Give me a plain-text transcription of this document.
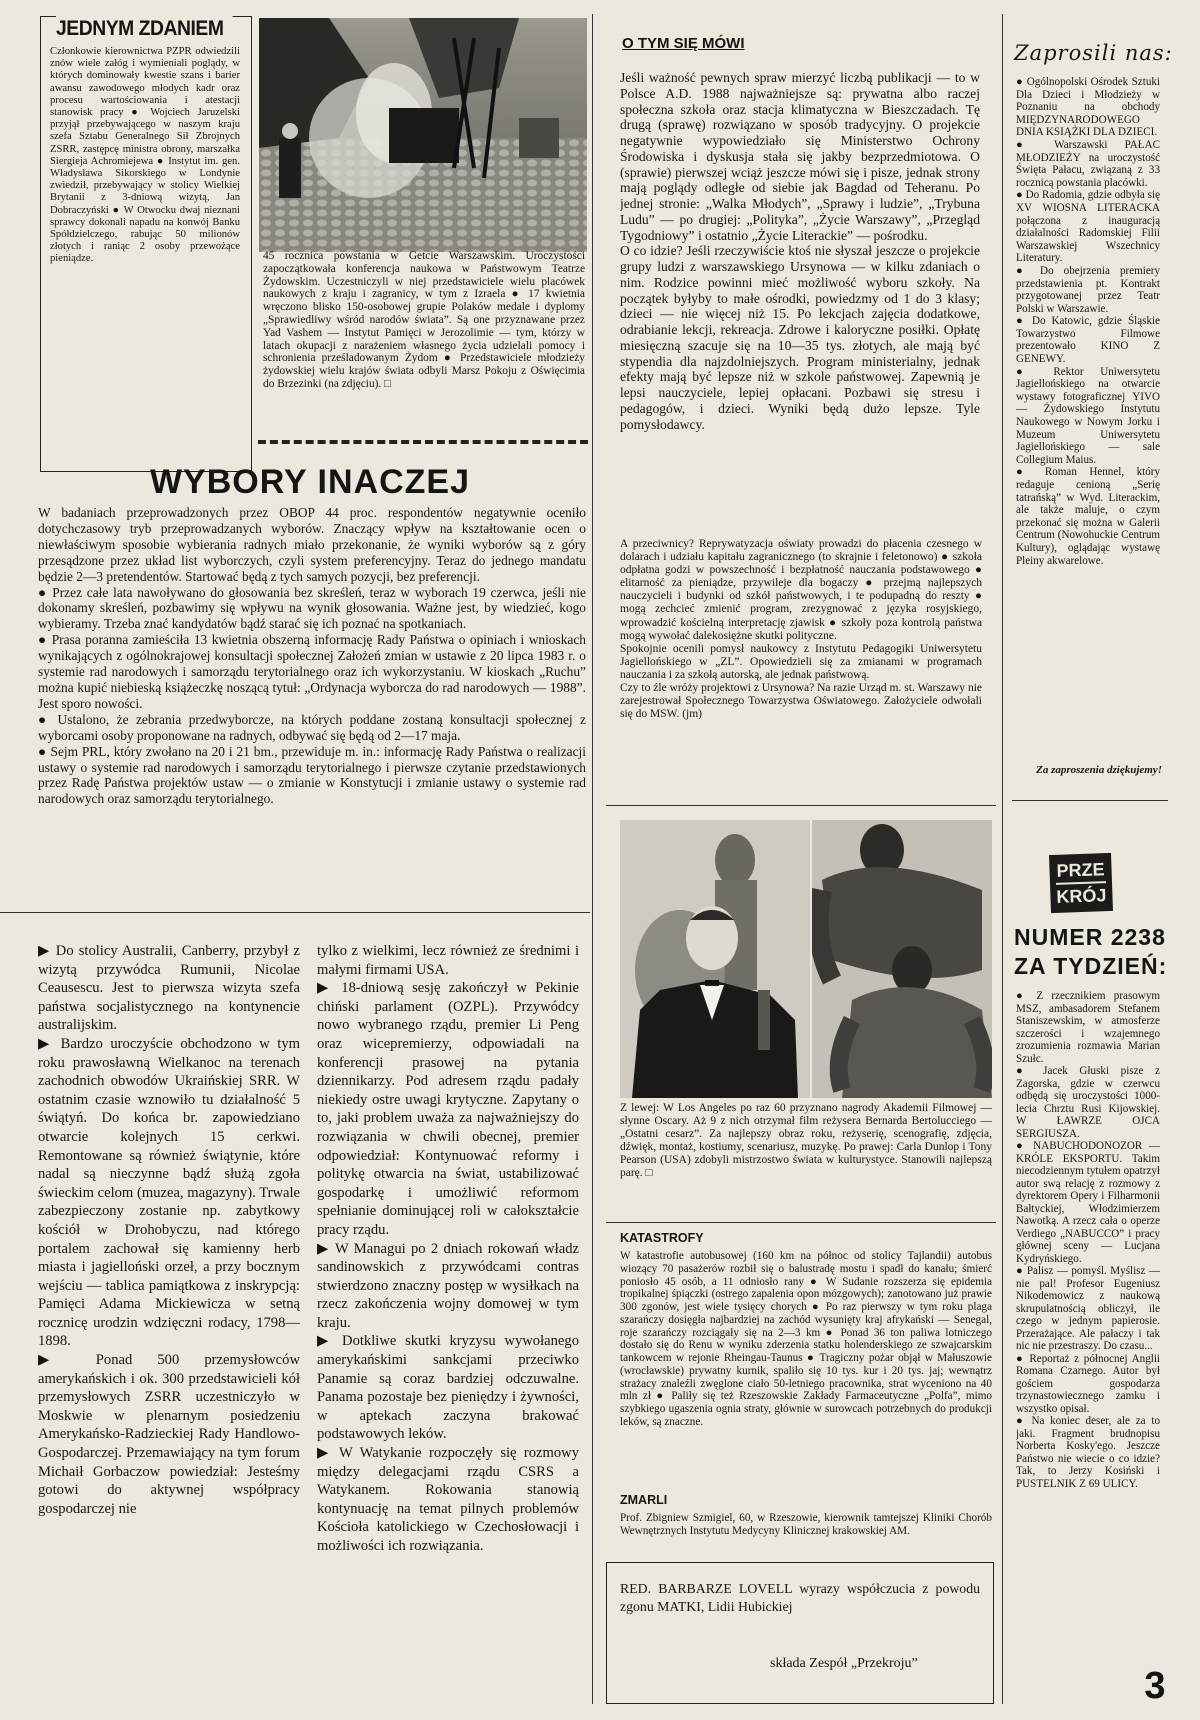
JEDNYM ZDANIEM
Członkowie kierownictwa PZPR odwiedzili znów wiele załóg i wymieniali poglądy, w których dominowały kwestie szans i barier awansu zawodowego młodych kadr oraz procesu wartościowania i atestacji stanowisk pracy ● Wojciech Jaruzelski przyjął przebywającego w naszym kraju szefa Sztabu Generalnego Sił Zbrojnych ZSRR, zastępcę ministra obrony, marszałka Siergieja Achromiejewa ● Instytut im. gen. Władysława Sikorskiego w Londynie zwiedził, przebywający w stolicy Wielkiej Brytanii z 3-dniową wizytą, Jan Dobraczyński ● W Otwocku dwaj nieznani sprawcy dokonali napadu na konwój Banku Spółdzielczego, rabując 50 milionów złotych i raniąc 2 osoby przewożące pieniądze.	45 rocznica powstania w Getcie Warszawskim. Uroczystości zapoczątkowała konferencja naukowa w Państwowym Teatrze Żydowskim. Uczestniczyli w niej przedstawiciele wielu placówek naukowych z kraju i zagranicy, w tym z Izraela ● 17 kwietnia wręczono blisko 150-osobowej grupie Polaków medale i dyplomy „Sprawiedliwy wśród narodów świata”. Są one przyznawane przez Yad Vashem — Instytut Pamięci w Jerozolimie — tym, którzy w latach okupacji z narażeniem własnego życia udzielali pomocy i schronienia prześladowanym Żydom ● Przedstawiciele młodzieży żydowskiej wielu krajów świata odbyli Marsz Pokoju z Oświęcimia do Brzezinki (na zdjęciu). □
WYBORY INACZEJ
W badaniach przeprowadzonych przez OBOP 44 proc. respondentów negatywnie oceniło dotychczasowy tryb przeprowadzanych wyborów. Znaczący wpływ na kształtowanie ocen o niewłaściwym sposobie wybierania radnych miało przekonanie, że wyniki wyborów są z góry przesądzone przez układ list wyborczych, czyli system preferencyjny. Teraz do jednego mandatu będzie 2—3 pretendentów. Startować będą z tych samych pozycji, bez preferencji.
● Przez całe lata nawoływano do głosowania bez skreśleń, teraz w wyborach 19 czerwca, jeśli nie dokonamy skreśleń, pozbawimy się wpływu na wynik głosowania. Ważne jest, by wiedzieć, kogo wybieramy. Trzeba znać kandydatów bądź starać się ich poznać na spotkaniach.
● Prasa poranna zamieściła 13 kwietnia obszerną informację Rady Państwa o opiniach i wnioskach wynikających z ogólnokrajowej konsultacji społecznej Założeń zmian w ustawie z 20 lipca 1983 r. o systemie rad narodowych i samorządu terytorialnego oraz ich wykorzystaniu. W kioskach „Ruchu” można kupić niebieską książeczkę noszącą tytuł: „Ordynacja wyborcza do rad narodowych — 1988”. Jest sporo nowości.
● Ustalono, że zebrania przedwyborcze, na których poddane zostaną konsultacji społecznej z wyborcami osoby proponowane na radnych, odbywać się będą od 2—17 maja.
● Sejm PRL, który zwołano na 20 i 21 bm., przewiduje m. in.: informację Rady Państwa o realizacji ustawy o systemie rad narodowych i samorządu terytorialnego i pierwsze czytanie przedstawionych przez Radę Państwa projektów ustaw — o zmianie w Konstytucji i zmianie ustawy o systemie rad narodowych oraz samorządu terytorialnego.
▶ Do stolicy Australii, Canberry, przybył z wizytą przywódca Rumunii, Nicolae Ceausescu. Jest to pierwsza wizyta szefa państwa socjalistycznego na kontynencie australijskim.
▶ Bardzo uroczyście obchodzono w tym roku prawosławną Wielkanoc na terenach zachodnich obwodów Ukraińskiej SRR. W ostatnim czasie wznowiło tu działalność 5 świątyń. Do końca br. zapowiedziano otwarcie kolejnych 15 cerkwi. Remontowane są również świątynie, które nadal są nieczynne bądź służą zgoła świeckim celom (muzea, magazyny). Trwale zabezpieczony zostanie np. zabytkowy kościół w Drohobyczu, nad którego portalem zachował się kamienny herb miasta i jagielloński orzeł, a przy bocznym wejściu — tablica pamiątkowa z inskrypcją: Pamięci Adama Mickiewicza w setną rocznicę urodzin wdzięczni rodacy, 1798—1898.
▶ Ponad 500 przemysłowców amerykańskich i ok. 300 przedstawicieli kół przemysłowych ZSRR uczestniczyło w Moskwie w plenarnym posiedzeniu Amerykańsko-Radzieckiej Rady Handlowo-Gospodarczej. Przemawiający na tym forum Michaił Gorbaczow powiedział: Jesteśmy gotowi do aktywnej współpracy gospodarczej nie
tylko z wielkimi, lecz również ze średnimi i małymi firmami USA.
▶ 18-dniową sesję zakończył w Pekinie chiński parlament (OZPL). Przywódcy nowo wybranego rządu, premier Li Peng oraz wicepremierzy, odpowiadali na konferencji prasowej na pytania dziennikarzy. Pod adresem rządu padały niekiedy ostre uwagi krytyczne. Zapytany o to, jaki problem uważa za najważniejszy do rozwiązania w chwili obecnej, premier odpowiedział: Kontynuować reformy i politykę otwarcia na świat, ustabilizować gospodarkę i umożliwić reformom spełnianie dominującej roli w całokształcie pracy rządu.
▶ W Managui po 2 dniach rokowań władz sandinowskich z przywódcami contras stwierdzono znaczny postęp w wysiłkach na rzecz zakończenia wojny domowej w tym kraju.
▶ Dotkliwe skutki kryzysu wywołanego amerykańskimi sankcjami przeciwko Panamie są coraz bardziej odczuwalne. Panama pozostaje bez pieniędzy i żywności, w aptekach zaczyna brakować podstawowych leków.
▶ W Watykanie rozpoczęły się rozmowy między delegacjami rządu CSRS a Watykanem. Rokowania stanowią kontynuację na temat pilnych problemów Kościoła katolickiego w Czechosłowacji i możliwości ich rozwiązania.
O TYM SIĘ MÓWI
Jeśli ważność pewnych spraw mierzyć liczbą publikacji — to w Polsce A.D. 1988 najważniejsze są: prywatna albo raczej społeczna szkoła oraz stacja klimatyczna w Bieszczadach. Tę drugą (sprawę) rozwiązano w sposób tradycyjny. O projekcie negatywnie wypowiedziało się Ministerstwo Ochrony Środowiska i dyskusja stała się jakby bezprzedmiotowa. O (sprawie) pierwszej wciąż jeszcze mówi się i pisze, jednak strony mają poglądy odległe od siebie jak Bagdad od Teheranu. Po jednej stronie: „Walka Młodych”, „Sprawy i ludzie”, „Trybuna Ludu” — po drugiej: „Polityka”, „Życie Warszawy”, „Przegląd Tygodniowy” i ostatnio „Życie Literackie” — pośrodku.
O co idzie? Jeśli rzeczywiście ktoś nie słyszał jeszcze o projekcie grupy ludzi z warszawskiego Ursynowa — w kilku zdaniach o nim. Rodzice powinni mieć możliwość wyboru szkoły. Na początek byłyby to małe ośrodki, powiedzmy od 1 do 3 klasy; dzieci — nie więcej niż 15. Po lekcjach zajęcia dodatkowe, odrabianie lekcji, rekreacja. Zdrowe i kaloryczne posiłki. Opłatę miesięczną szacuje się na 10—35 tys. złotych, ale mają być stypendia dla najzdolniejszych. Program ministerialny, jednak efekty mają być lepsze niż w szkole państwowej. Zapewnią je lepsi nauczyciele, lepiej opłacani. Pozbawi się stresu i pedagogów, i dzieci. Wyniki będą dużo lepsze. Tyle pomysłodawcy.
A przeciwnicy? Reprywatyzacja oświaty prowadzi do płacenia czesnego w dolarach i udziału kapitału zagranicznego (to skrajnie i feletonowo) ● szkoła odpłatna godzi w powszechność i bezpłatność nauczania podstawowego ● elitarność za pieniądze, przywileje dla bogaczy ● przejmą najlepszych nauczycieli i budynki od szkół państwowych, i te podupadną do reszty ● mogą zechcieć zmienić program, zrezygnować z języka rosyjskiego, wprowadzić kościelną interpretację zjawisk ● szkoły poza kontrolą państwa mogą wywołać dalekosiężne skutki polityczne.
Spokojnie ocenili pomysł naukowcy z Instytutu Pedagogiki Uniwersytetu Jagiellońskiego w „ZL”. Opowiedzieli się za zmianami w programach nauczania i za szkołą autorską, ale jednak państwową.
Czy to źle wróży projektowi z Ursynowa? Na razie Urząd m. st. Warszawy nie zarejestrował Społecznego Towarzystwa Oświatowego. Założyciele odwołali się do MSW. (jm)
Z lewej: W Los Angeles po raz 60 przyznano nagrody Akademii Filmowej — słynne Oscary. Aż 9 z nich otrzymał film reżysera Bernarda Bertolucciego — „Ostatni cesarz”. Za najlepszy obraz roku, reżyserię, scenografię, zdjęcia, dźwięk, montaż, kostiumy, scenariusz, muzykę. Po prawej: Carla Dunlop i Tony Pearson (USA) zdobyli mistrzostwo świata w kulturystyce. Stanowili najlepszą parę. □
KATASTROFY
W katastrofie autobusowej (160 km na północ od stolicy Tajlandii) autobus wiozący 70 pasażerów rozbił się o balustradę mostu i spadł do kanału; śmierć poniosło 45 osób, a 11 odniosło rany ● W Sudanie rozszerza się epidemia tropikalnej śpiączki (ostrego zapalenia opon mózgowych); zanotowano już prawie 300 zgonów, jest wiele tysięcy chorych ● Po raz pierwszy w tym roku plaga szarańczy dosięgła najbardziej na zachód wysunięty kraj afrykański — Senegal, roje szarańczy rozciągały się na 2—3 km ● Ponad 36 ton paliwa lotniczego dostało się do Renu w wyniku zderzenia statku holenderskiego ze szwajcarskim tankowcem w rejonie Rheingau-Taunus ● Tragiczny pożar objął w Małuszowie (wrocławskie) prywatny kurnik, spaliło się 10 tys. kur i 20 tys. jaj; wewnątrz strażacy znaleźli zwęglone ciało 50-letniego pracownika, strat wyceniono na 40 mln zł ● Paliły się też Rzeszowskie Zakłady Farmaceutyczne „Polfa”, mimo szybkiego ugaszenia ognia straty, głównie w surowcach potrzebnych do produkcji leków, są znaczne.
ZMARLI
Prof. Zbigniew Szmigiel, 60, w Rzeszowie, kierownik tamtejszej Kliniki Chorób Wewnętrznych Instytutu Medycyny Klinicznej krakowskiej AM.
RED. BARBARZE LOVELL wyrazy współczucia z powodu zgonu MATKI, Lidii Hubickiej
składa Zespół „Przekroju”
Zaprosili nas:
● Ogólnopolski Ośrodek Sztuki Dla Dzieci i Młodzieży w Poznaniu na obchody MIĘDZYNARODOWEGO DNIA KSIĄŻKI DLA DZIECI.
● Warszawski PAŁAC MŁODZIEŻY na uroczystość Święta Pałacu, związaną z 33 rocznicą powstania placówki.
● Do Radomia, gdzie odbyła się XV WIOSNA LITERACKA połączona z inauguracją działalności Radomskiej Filii Warszawskiej Wszechnicy Literatury.
● Do obejrzenia premiery przedstawienia pt. Kontrakt przygotowanej przez Teatr Polski w Warszawie.
● Do Katowic, gdzie Śląskie Towarzystwo Filmowe prezentowało KINO Z GENEWY.
● Rektor Uniwersytetu Jagiellońskiego na otwarcie wystawy fotograficznej YIVO — Żydowskiego Instytutu Naukowego w Nowym Jorku i Muzeum Uniwersytetu Jagiellońskiego — sale Collegium Maius.
● Roman Hennel, który redaguje cenioną „Serię tatrańską” w Wyd. Literackim, ale także maluje, o czym przekonać się można w Galerii Centrum (Nowohuckie Centrum Kultury), oglądając wystawę Pleiny akwarelowe.
Za zaproszenia dziękujemy!
PRZE
KRÓJ
NUMER 2238
ZA TYDZIEŃ:
● Z rzecznikiem prasowym MSZ, ambasadorem Stefanem Staniszewskim, w atmosferze szczerości i wzajemnego zrozumienia rozmawia Marian Szułc.
● Jacek Głuski pisze z Zagorska, gdzie w czerwcu odbędą się uroczystości 1000-lecia Chrztu Rusi Kijowskiej. W ŁAWRZE OJCA SERGIUSZA.
● NABUCHODONOZOR — KRÓLE EKSPORTU. Takim niecodziennym tytułem opatrzył autor swą relację z rozmowy z dyrektorem Opery i Filharmonii Bałtyckiej, Włodzimierzem Nawotką. A rzecz cała o operze Verdiego „NABUCCO” i pracy głównej sceny — Lucjana Kydryńskiego.
● Palisz — pomyśl. Myślisz — nie pal! Profesor Eugeniusz Nikodemowicz z naukową skrupulatnością obliczył, ile czego w jednym papierosie. Przerażające. Ale pałaczy i tak nic nie przestraszy. Do czasu...
● Reportaż z północnej Anglii Romana Czarnego. Autor był gościem gospodarza trzynastowiecznego zamku i wszystko opisał.
● Na koniec deser, ale za to jaki. Fragment brudnopisu Norberta Kosky'ego. Jeszcze Państwo nie wiecie o co idzie? Tak, to Jerzy Kosiński i PUSTELNIK Z 69 ULICY.
3
